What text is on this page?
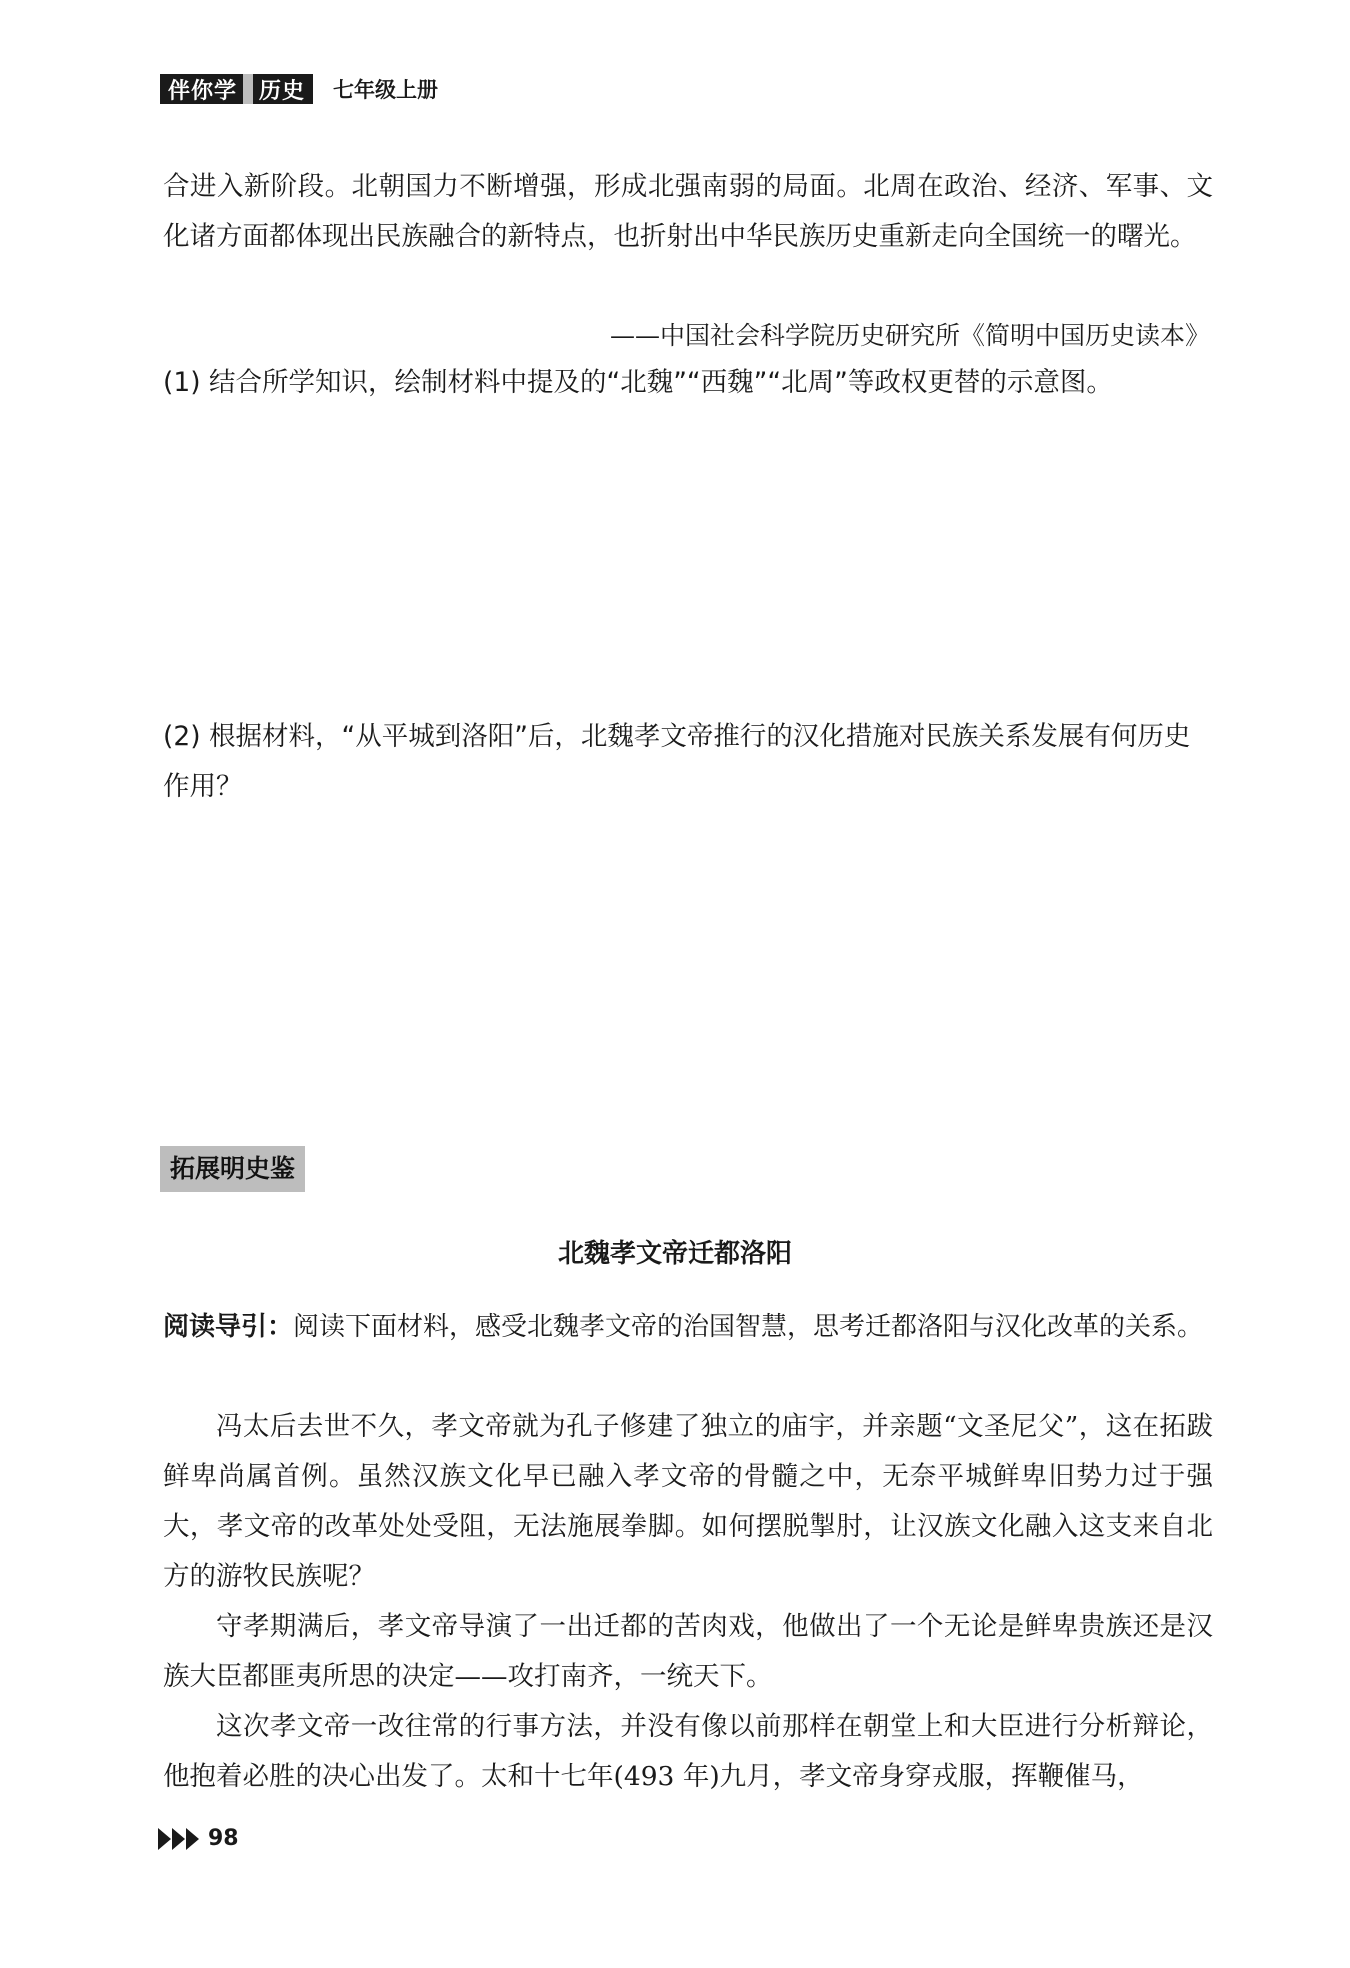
伴你学 历史 七年级上册

合进入新阶段。北朝国力不断增强，形成北强南弱的局面。北周在政治、经济、军事、文化诸方面都体现出民族融合的新特点，也折射出中华民族历史重新走向全国统一的曙光。

——中国社会科学院历史研究所《简明中国历史读本》

(1) 结合所学知识，绘制材料中提及的“北魏”“西魏”“北周”等政权更替的示意图。

(2) 根据材料，“从平城到洛阳”后，北魏孝文帝推行的汉化措施对民族关系发展有何历史作用？

拓展明史鉴
北魏孝文帝迁都洛阳

阅读导引：阅读下面材料，感受北魏孝文帝的治国智慧，思考迁都洛阳与汉化改革的关系。

冯太后去世不久，孝文帝就为孔子修建了独立的庙宇，并亲题“文圣尼父”，这在拓跋鲜卑尚属首例。虽然汉族文化早已融入孝文帝的骨髓之中，无奈平城鲜卑旧势力过于强大，孝文帝的改革处处受阻，无法施展拳脚。如何摆脱掣肘，让汉族文化融入这支来自北方的游牧民族呢？

守孝期满后，孝文帝导演了一出迁都的苦肉戏，他做出了一个无论是鲜卑贵族还是汉族大臣都匪夷所思的决定——攻打南齐，一统天下。

这次孝文帝一改往常的行事方法，并没有像以前那样在朝堂上和大臣进行分析辩论，他抱着必胜的决心出发了。太和十七年(493 年)九月，孝文帝身穿戎服，挥鞭催马，

98
